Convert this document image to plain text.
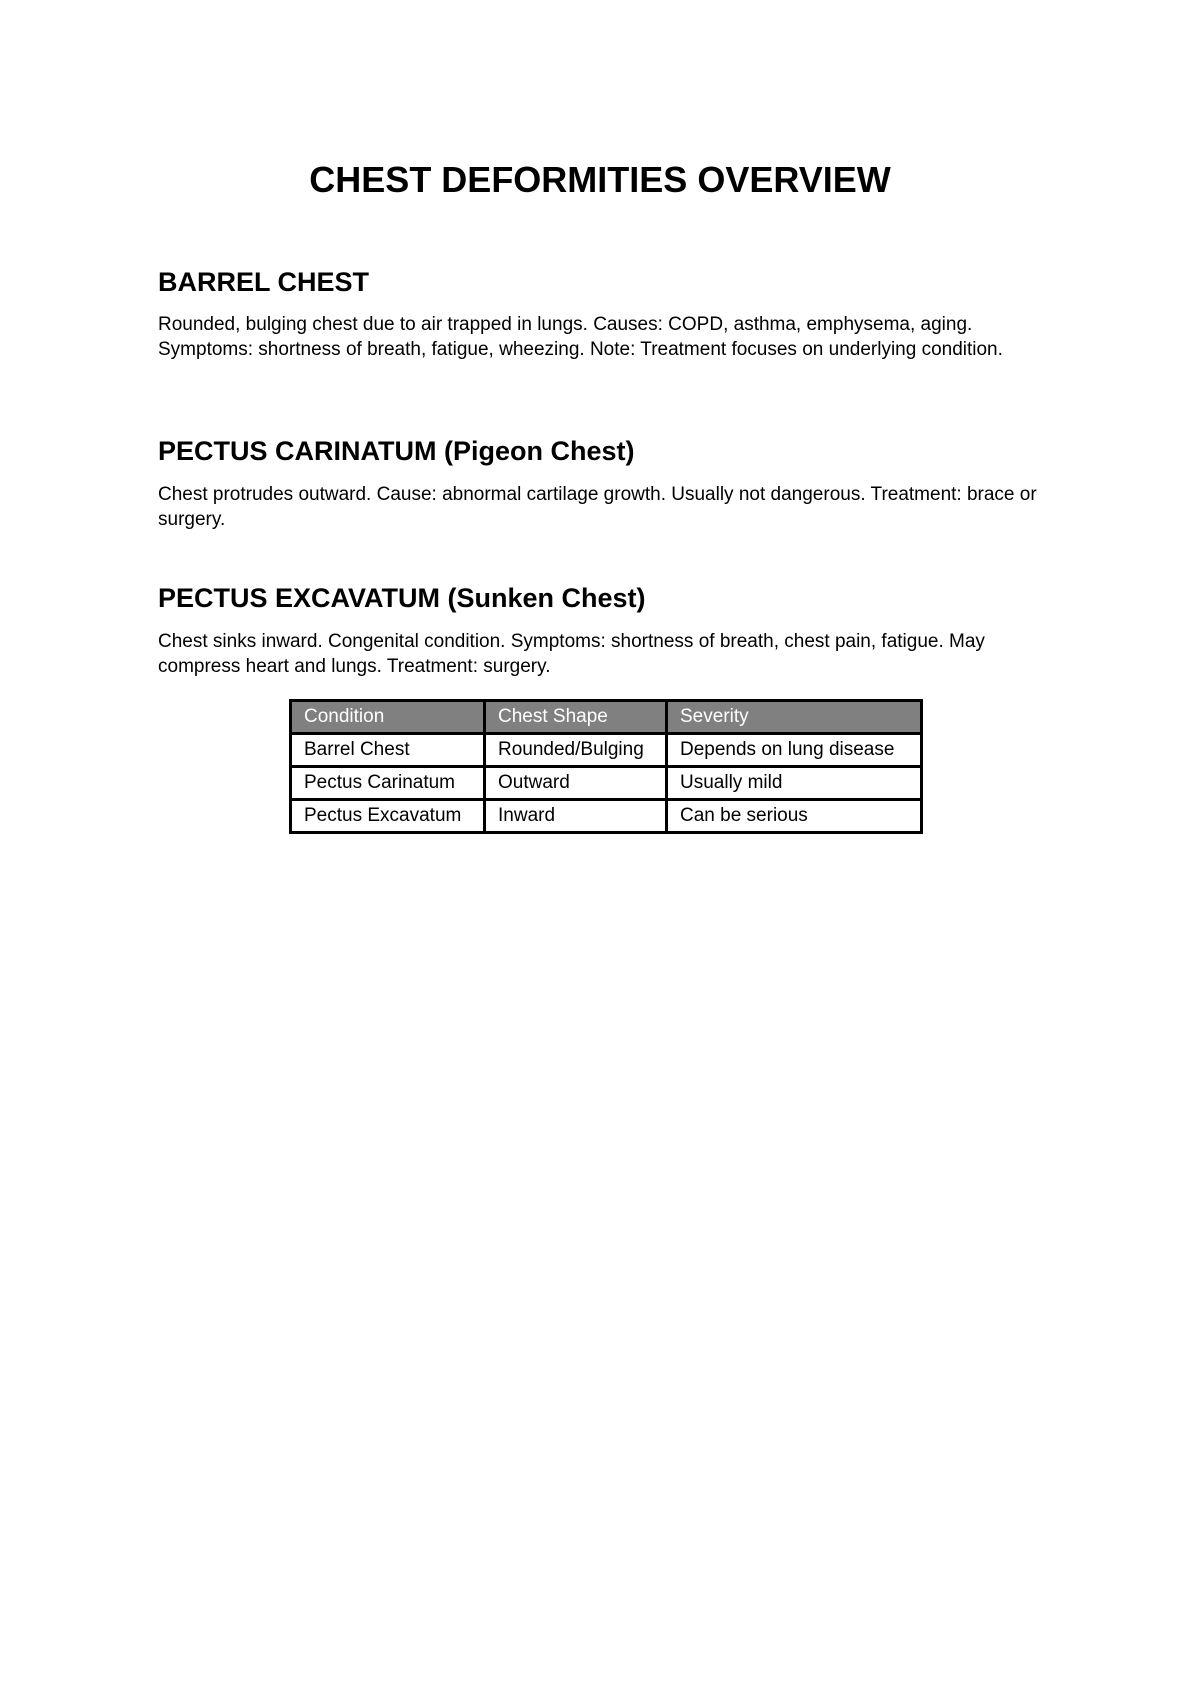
CHEST DEFORMITIES OVERVIEW
BARREL CHEST

Rounded, bulging chest due to air trapped in lungs. Causes: COPD, asthma, emphysema, aging. Symptoms: shortness of breath, fatigue, wheezing. Note: Treatment focuses on underlying condition.

PECTUS CARINATUM (Pigeon Chest)

Chest protrudes outward. Cause: abnormal cartilage growth. Usually not dangerous. Treatment: brace or surgery.

PECTUS EXCAVATUM (Sunken Chest)

Chest sinks inward. Congenital condition. Symptoms: shortness of breath, chest pain, fatigue. May compress heart and lungs. Treatment: surgery.

Condition	Chest Shape	Severity
Barrel Chest	Rounded/Bulging	Depends on lung disease
Pectus Carinatum	Outward	Usually mild
Pectus Excavatum	Inward	Can be serious
